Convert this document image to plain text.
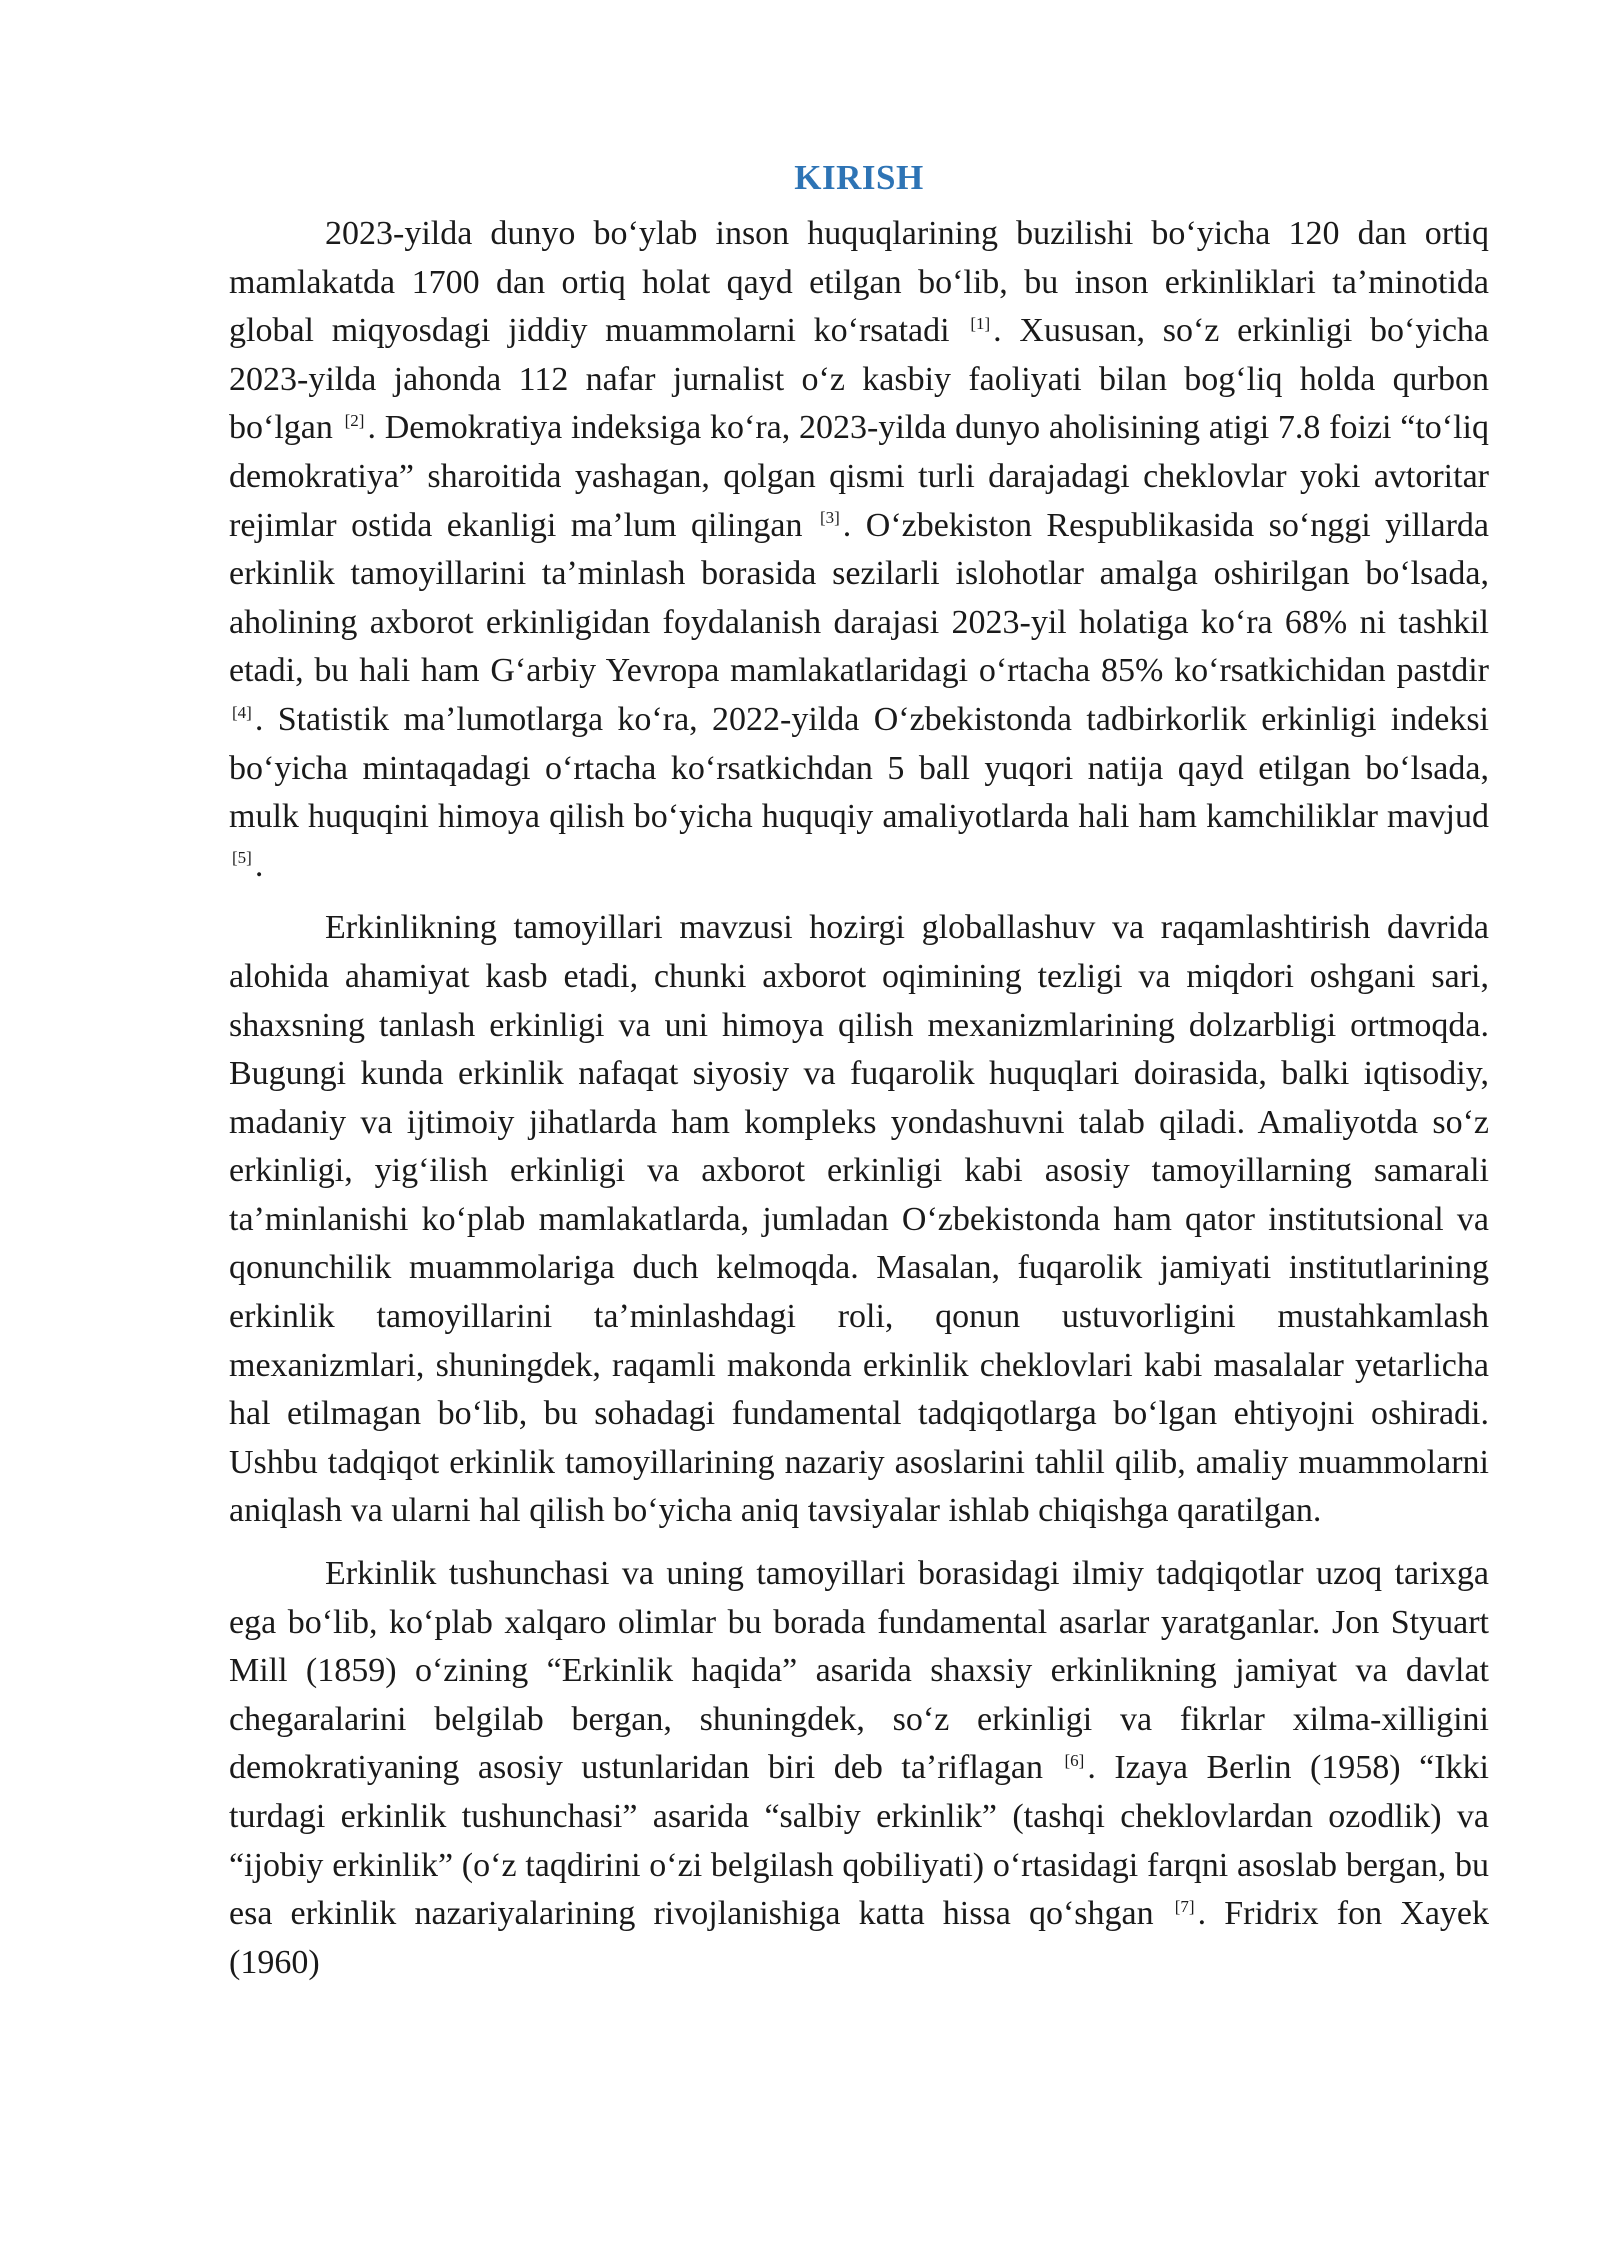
KIRISH

2023-yilda dunyo boʻylab inson huquqlarining buzilishi boʻyicha 120 dan ortiq mamlakatda 1700 dan ortiq holat qayd etilgan boʻlib, bu inson erkinliklari taʼminotida global miqyosdagi jiddiy muammolarni koʻrsatadi [1]. Xususan, soʻz erkinligi boʻyicha 2023-yilda jahonda 112 nafar jurnalist oʻz kasbiy faoliyati bilan bogʻliq holda qurbon boʻlgan [2]. Demokratiya indeksiga koʻra, 2023-yilda dunyo aholisining atigi 7.8 foizi “toʻliq demokratiya” sharoitida yashagan, qolgan qismi turli darajadagi cheklovlar yoki avtoritar rejimlar ostida ekanligi maʼlum qilingan [3]. Oʻzbekiston Respublikasida soʻnggi yillarda erkinlik tamoyillarini taʼminlash borasida sezilarli islohotlar amalga oshirilgan boʻlsada, aholining axborot erkinligidan foydalanish darajasi 2023-yil holatiga koʻra 68% ni tashkil etadi, bu hali ham Gʻarbiy Yevropa mamlakatlaridagi oʻrtacha 85% koʻrsatkichidan pastdir [4]. Statistik maʼlumotlarga koʻra, 2022-yilda Oʻzbekistonda tadbirkorlik erkinligi indeksi boʻyicha mintaqadagi oʻrtacha koʻrsatkichdan 5 ball yuqori natija qayd etilgan boʻlsada, mulk huquqini himoya qilish boʻyicha huquqiy amaliyotlarda hali ham kamchiliklar mavjud [5].

Erkinlikning tamoyillari mavzusi hozirgi globallashuv va raqamlashtirish davrida alohida ahamiyat kasb etadi, chunki axborot oqimining tezligi va miqdori oshgani sari, shaxsning tanlash erkinligi va uni himoya qilish mexanizmlarining dolzarbligi ortmoqda. Bugungi kunda erkinlik nafaqat siyosiy va fuqarolik huquqlari doirasida, balki iqtisodiy, madaniy va ijtimoiy jihatlarda ham kompleks yondashuvni talab qiladi. Amaliyotda soʻz erkinligi, yigʻilish erkinligi va axborot erkinligi kabi asosiy tamoyillarning samarali taʼminlanishi koʻplab mamlakatlarda, jumladan Oʻzbekistonda ham qator institutsional va qonunchilik muammolariga duch kelmoqda. Masalan, fuqarolik jamiyati institutlarining erkinlik tamoyillarini taʼminlashdagi roli, qonun ustuvorligini mustahkamlash mexanizmlari, shuningdek, raqamli makonda erkinlik cheklovlari kabi masalalar yetarlicha hal etilmagan boʻlib, bu sohadagi fundamental tadqiqotlarga boʻlgan ehtiyojni oshiradi. Ushbu tadqiqot erkinlik tamoyillarining nazariy asoslarini tahlil qilib, amaliy muammolarni aniqlash va ularni hal qilish boʻyicha aniq tavsiyalar ishlab chiqishga qaratilgan.

Erkinlik tushunchasi va uning tamoyillari borasidagi ilmiy tadqiqotlar uzoq tarixga ega boʻlib, koʻplab xalqaro olimlar bu borada fundamental asarlar yaratganlar. Jon Styuart Mill (1859) oʻzining “Erkinlik haqida” asarida shaxsiy erkinlikning jamiyat va davlat chegaralarini belgilab bergan, shuningdek, soʻz erkinligi va fikrlar xilma-xilligini demokratiyaning asosiy ustunlaridan biri deb taʼriflagan [6]. Izaya Berlin (1958) “Ikki turdagi erkinlik tushunchasi” asarida “salbiy erkinlik” (tashqi cheklovlardan ozodlik) va “ijobiy erkinlik” (oʻz taqdirini oʻzi belgilash qobiliyati) oʻrtasidagi farqni asoslab bergan, bu esa erkinlik nazariyalarining rivojlanishiga katta hissa qoʻshgan [7]. Fridrix fon Xayek (1960)
